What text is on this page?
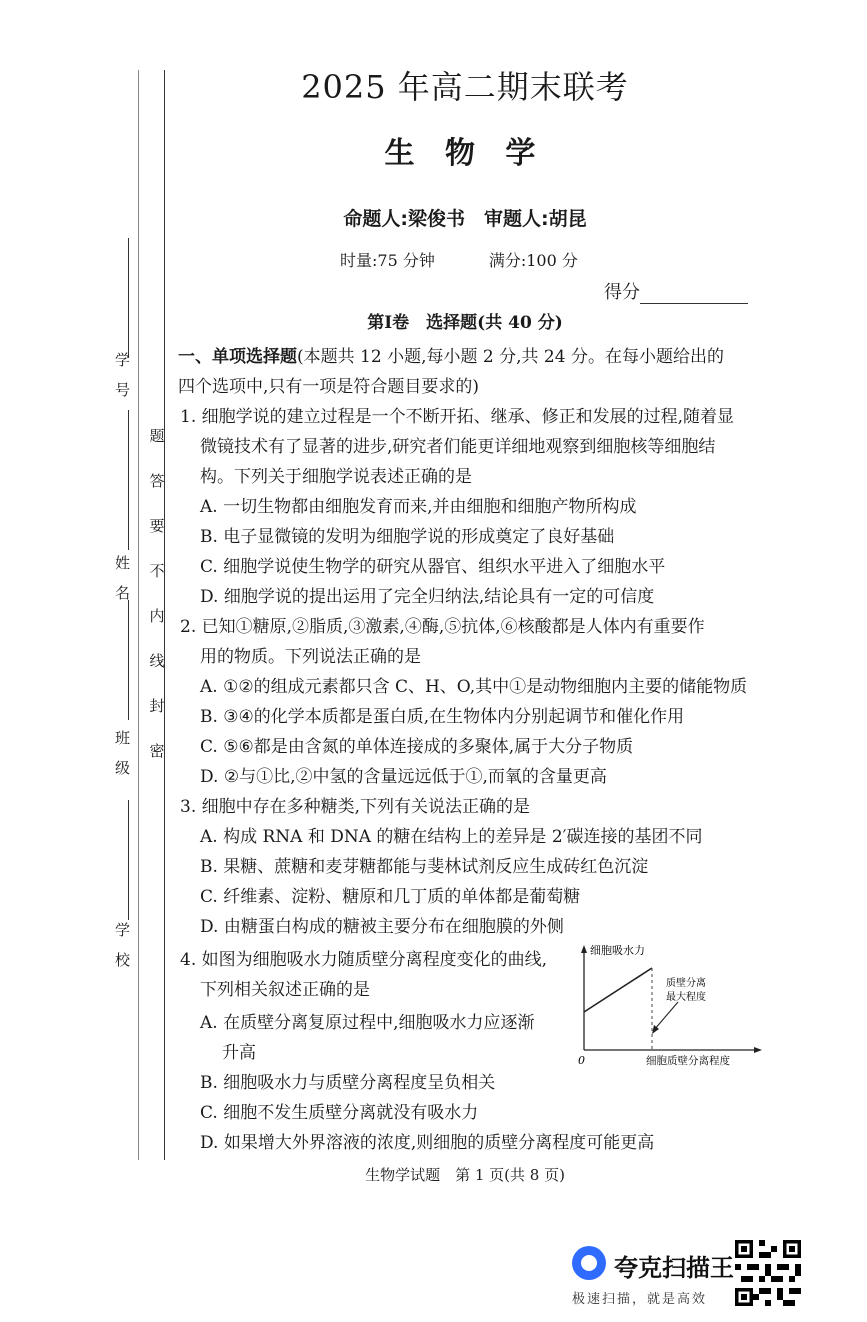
学　号
姓　名
班　级
学　校
密
封
线
内
不
要
答
题
2025 年高二期末联考
生 物 学
命题人:梁俊书　审题人:胡昆
时量:75 分钟	满分:100 分
得分
第Ⅰ卷　选择题(共 40 分)
一、单项选择题(本题共 12 小题,每小题 2 分,共 24 分。在每小题给出的
四个选项中,只有一项是符合题目要求的)
1. 细胞学说的建立过程是一个不断开拓、继承、修正和发展的过程,随着显
微镜技术有了显著的进步,研究者们能更详细地观察到细胞核等细胞结
构。下列关于细胞学说表述正确的是
A. 一切生物都由细胞发育而来,并由细胞和细胞产物所构成
B. 电子显微镜的发明为细胞学说的形成奠定了良好基础
C. 细胞学说使生物学的研究从器官、组织水平进入了细胞水平
D. 细胞学说的提出运用了完全归纳法,结论具有一定的可信度
2. 已知①糖原,②脂质,③激素,④酶,⑤抗体,⑥核酸都是人体内有重要作
用的物质。下列说法正确的是
A. ①②的组成元素都只含 C、H、O,其中①是动物细胞内主要的储能物质
B. ③④的化学本质都是蛋白质,在生物体内分别起调节和催化作用
C. ⑤⑥都是由含氮的单体连接成的多聚体,属于大分子物质
D. ②与①比,②中氢的含量远远低于①,而氧的含量更高
3. 细胞中存在多种糖类,下列有关说法正确的是
A. 构成 RNA 和 DNA 的糖在结构上的差异是 2′碳连接的基团不同
B. 果糖、蔗糖和麦芽糖都能与斐林试剂反应生成砖红色沉淀
C. 纤维素、淀粉、糖原和几丁质的单体都是葡萄糖
D. 由糖蛋白构成的糖被主要分布在细胞膜的外侧
4. 如图为细胞吸水力随质壁分离程度变化的曲线,
下列相关叙述正确的是
A. 在质壁分离复原过程中,细胞吸水力应逐渐
升高
B. 细胞吸水力与质壁分离程度呈负相关
C. 细胞不发生质壁分离就没有吸水力
D. 如果增大外界溶液的浓度,则细胞的质壁分离程度可能更高
细胞吸水力
质壁分离
最大程度
0	细胞质壁分离程度
生物学试题　第 1 页(共 8 页)
夸克扫描王
极速扫描，就是高效
